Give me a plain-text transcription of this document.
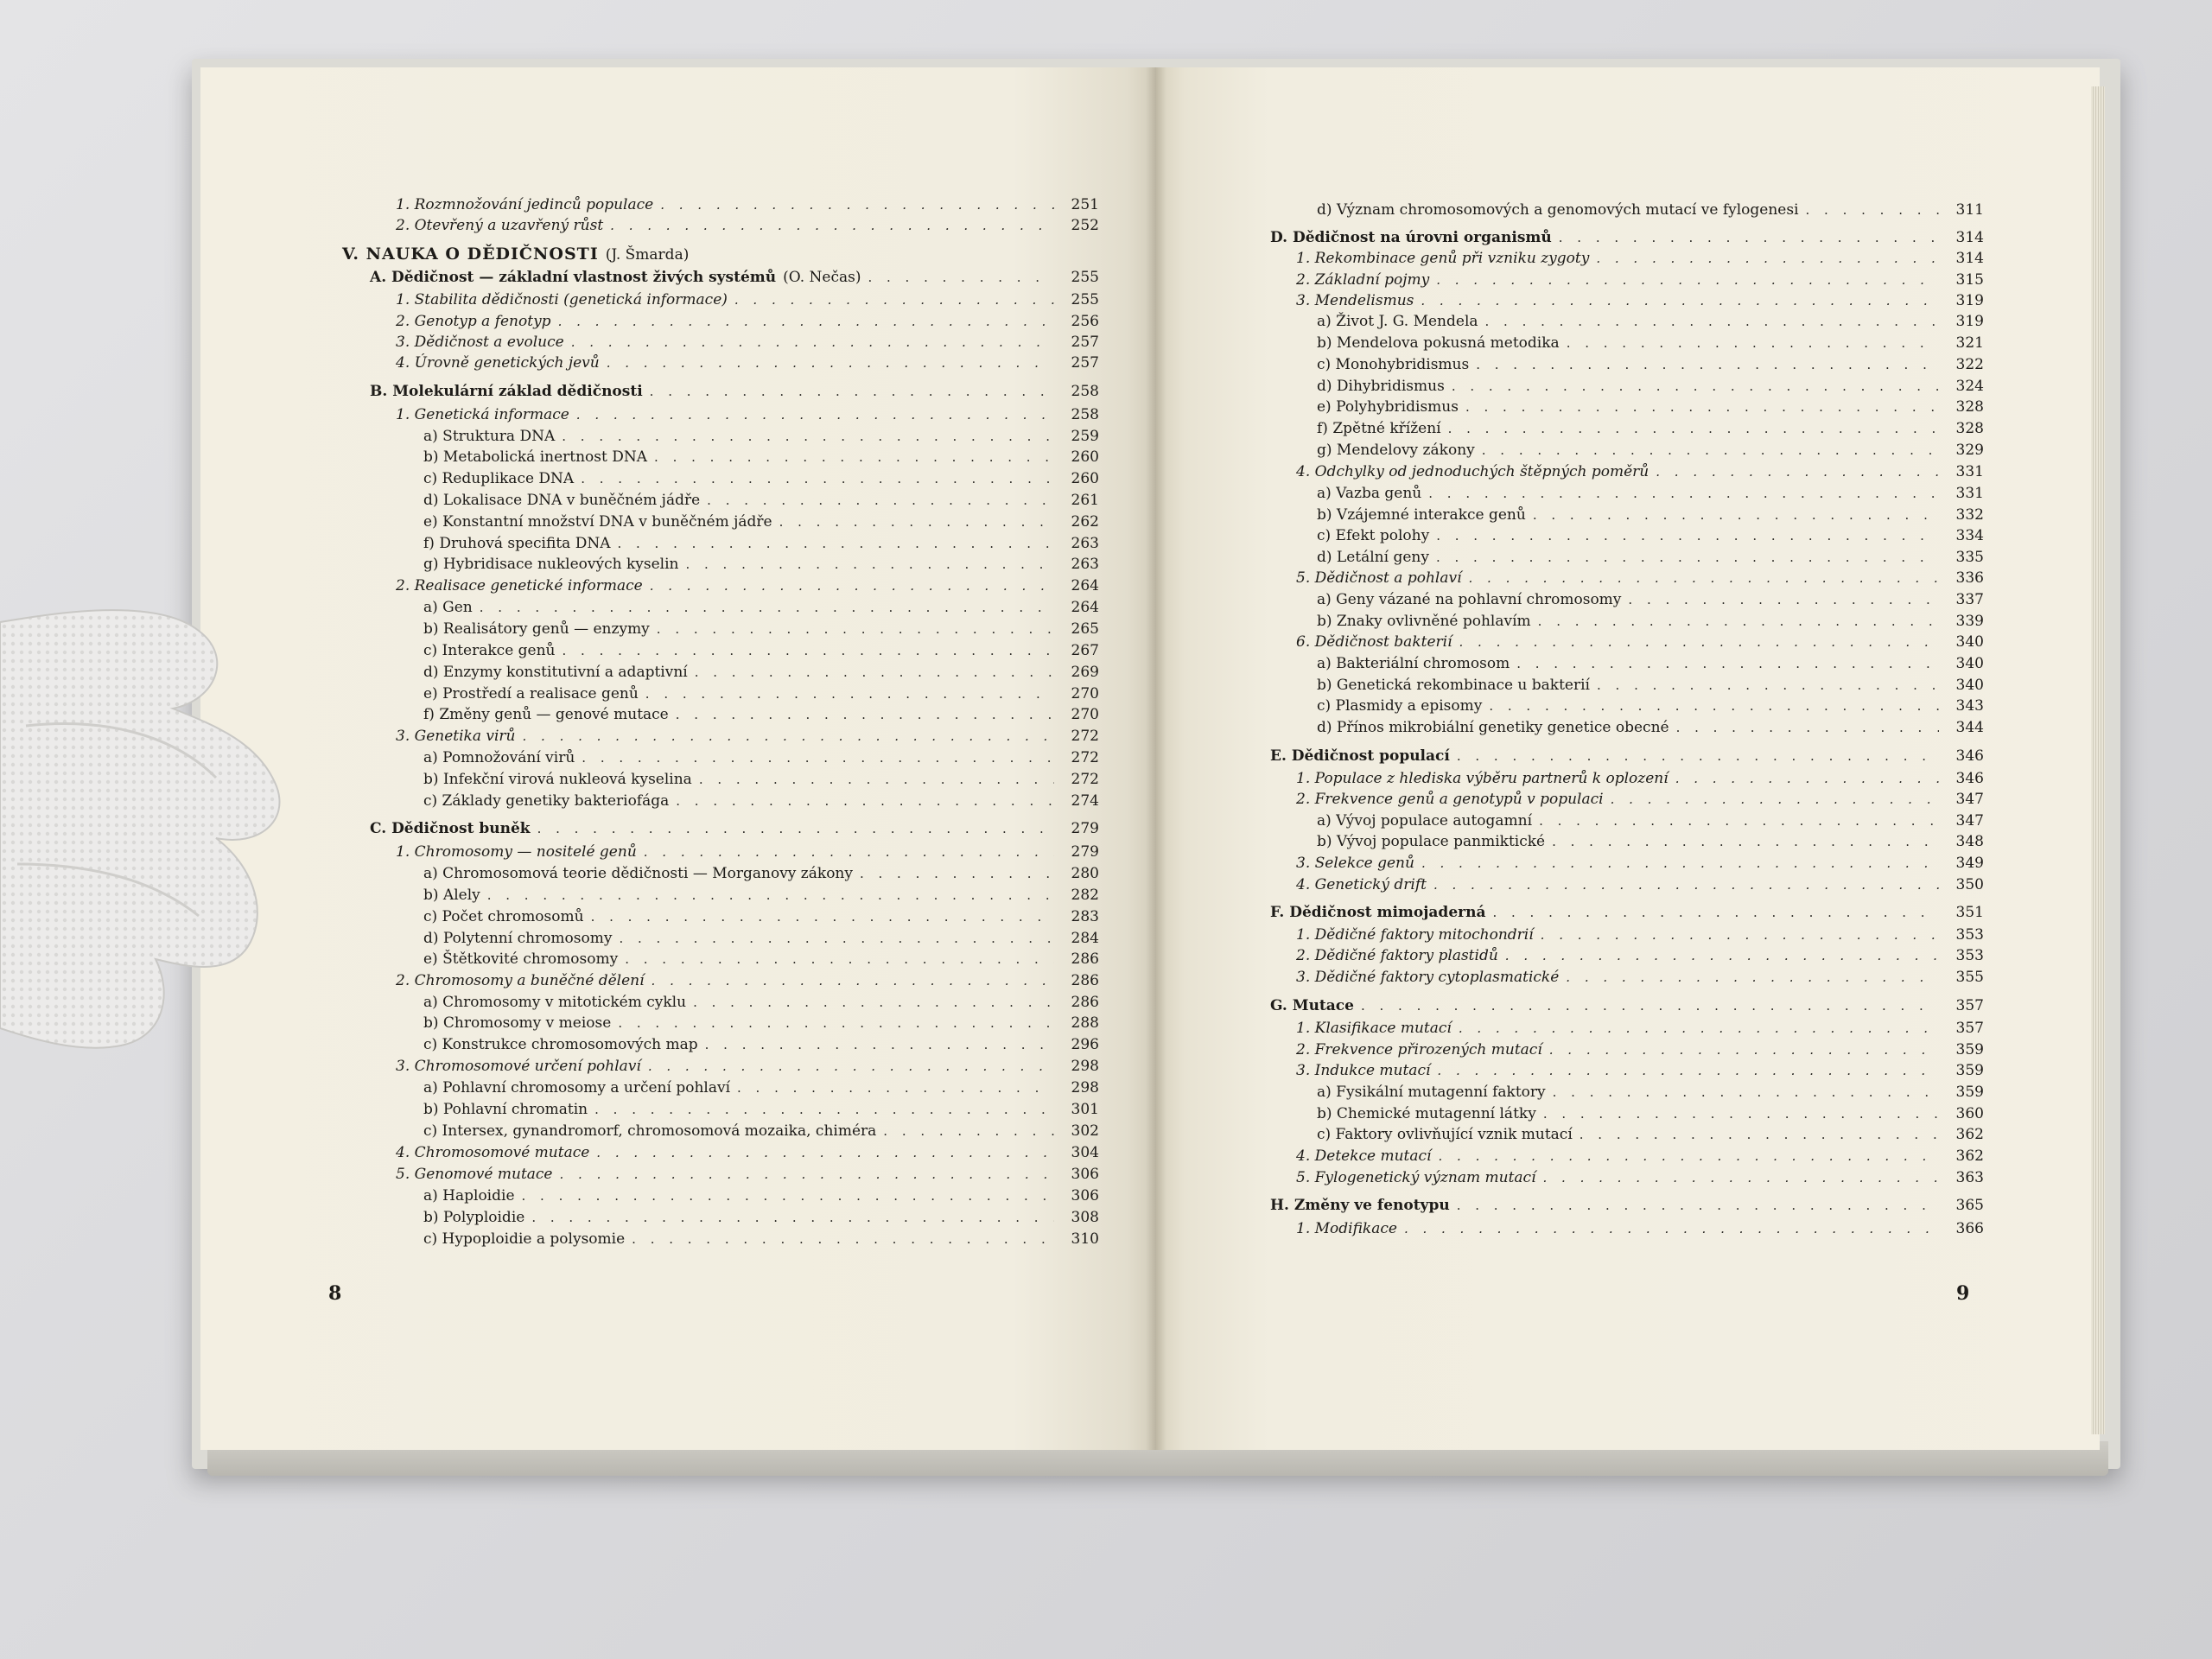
1. Rozmnožování jedinců populace . . .	251
2. Otevřený a uzavřený růst . . .	252
V. NAUKA O DĚDIČNOSTI (J. Šmarda)
A. Dědičnost — základní vlastnost živých systémů (O. Nečas) . . .	255
1. Stabilita dědičnosti (genetická informace) . . .	255
2. Genotyp a fenotyp . . .	256
3. Dědičnost a evoluce . . .	257
4. Úrovně genetických jevů . . .	257
B. Molekulární základ dědičnosti . . .	258
1. Genetická informace . . .	258
a) Struktura DNA . . .	259
b) Metabolická inertnost DNA . . .	260
c) Reduplikace DNA . . .	260
d) Lokalisace DNA v buněčném jádře . . .	261
e) Konstantní množství DNA v buněčném jádře . . .	262
f) Druhová specifita DNA . . .	263
g) Hybridisace nukleových kyselin . . .	263
2. Realisace genetické informace . . .	264
a) Gen . . .	264
b) Realisátory genů — enzymy . . .	265
c) Interakce genů . . .	267
d) Enzymy konstitutivní a adaptivní . . .	269
e) Prostředí a realisace genů . . .	270
f) Změny genů — genové mutace . . .	270
3. Genetika virů . . .	272
a) Pomnožování virů . . .	272
b) Infekční virová nukleová kyselina . . .	272
c) Základy genetiky bakteriofága . . .	274
C. Dědičnost buněk . . .	279
1. Chromosomy — nositelé genů . . .	279
a) Chromosomová teorie dědičnosti — Morganovy zákony . . .	280
b) Alely . . .	282
c) Počet chromosomů . . .	283
d) Polytenní chromosomy . . .	284
e) Štětkovité chromosomy . . .	286
2. Chromosomy a buněčné dělení . . .	286
a) Chromosomy v mitotickém cyklu . . .	286
b) Chromosomy v meiose . . .	288
c) Konstrukce chromosomových map . . .	296
3. Chromosomové určení pohlaví . . .	298
a) Pohlavní chromosomy a určení pohlaví . . .	298
b) Pohlavní chromatin . . .	301
c) Intersex, gynandromorf, chromosomová mozaika, chiméra . . .	302
4. Chromosomové mutace . . .	304
5. Genomové mutace . . .	306
a) Haploidie . . .	306
b) Polyploidie . . .	308
c) Hypoploidie a polysomie . . .	310
8
d) Význam chromosomových a genomových mutací ve fylogenesi . . .	311
D. Dědičnost na úrovni organismů . . .	314
1. Rekombinace genů při vzniku zygoty . . .	314
2. Základní pojmy . . .	315
3. Mendelismus . . .	319
a) Život J. G. Mendela . . .	319
b) Mendelova pokusná metodika . . .	321
c) Monohybridismus . . .	322
d) Dihybridismus . . .	324
e) Polyhybridismus . . .	328
f) Zpětné křížení . . .	328
g) Mendelovy zákony . . .	329
4. Odchylky od jednoduchých štěpných poměrů . . .	331
a) Vazba genů . . .	331
b) Vzájemné interakce genů . . .	332
c) Efekt polohy . . .	334
d) Letální geny . . .	335
5. Dědičnost a pohlaví . . .	336
a) Geny vázané na pohlavní chromosomy . . .	337
b) Znaky ovlivněné pohlavím . . .	339
6. Dědičnost bakterií . . .	340
a) Bakteriální chromosom . . .	340
b) Genetická rekombinace u bakterií . . .	340
c) Plasmidy a episomy . . .	343
d) Přínos mikrobiální genetiky genetice obecné . . .	344
E. Dědičnost populací . . .	346
1. Populace z hlediska výběru partnerů k oplození . . .	346
2. Frekvence genů a genotypů v populaci . . .	347
a) Vývoj populace autogamní . . .	347
b) Vývoj populace panmiktické . . .	348
3. Selekce genů . . .	349
4. Genetický drift . . .	350
F. Dědičnost mimojaderná . . .	351
1. Dědičné faktory mitochondrií . . .	353
2. Dědičné faktory plastidů . . .	353
3. Dědičné faktory cytoplasmatické . . .	355
G. Mutace . . .	357
1. Klasifikace mutací . . .	357
2. Frekvence přirozených mutací . . .	359
3. Indukce mutací . . .	359
a) Fysikální mutagenní faktory . . .	359
b) Chemické mutagenní látky . . .	360
c) Faktory ovlivňující vznik mutací . . .	362
4. Detekce mutací . . .	362
5. Fylogenetický význam mutací . . .	363
H. Změny ve fenotypu . . .	365
1. Modifikace . . .	366
9
